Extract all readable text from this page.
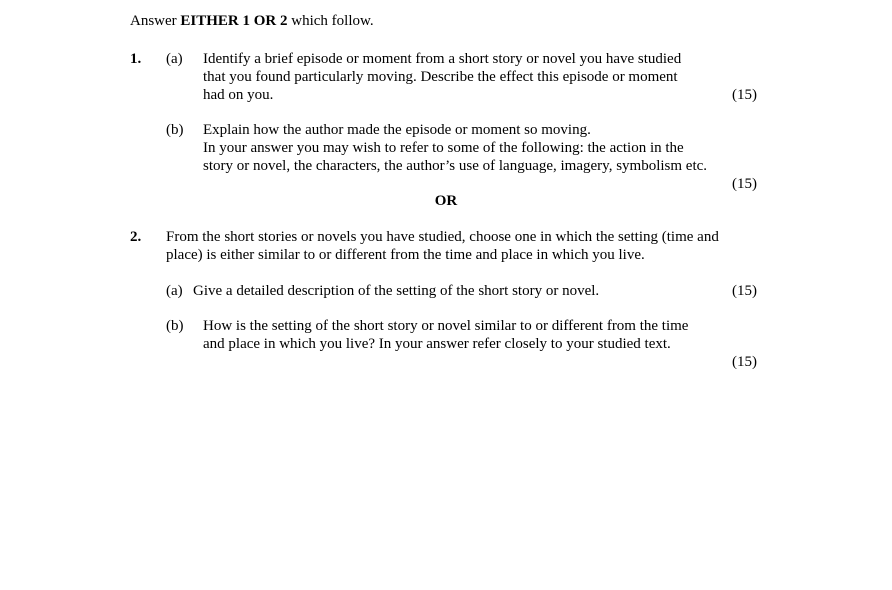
Answer EITHER 1 OR 2 which follow.
1. (a) Identify a brief episode or moment from a short story or novel you have studied
that you found particularly moving. Describe the effect this episode or moment
had on you.	(15)
(b) Explain how the author made the episode or moment so moving.
In your answer you may wish to refer to some of the following: the action in the
story or novel, the characters, the author’s use of language, imagery, symbolism etc.
(15)
OR
2. From the short stories or novels you have studied, choose one in which the setting (time and
place) is either similar to or different from the time and place in which you live.
(a) Give a detailed description of the setting of the short story or novel.	(15)
(b) How is the setting of the short story or novel similar to or different from the time
and place in which you live? In your answer refer closely to your studied text.
(15)
